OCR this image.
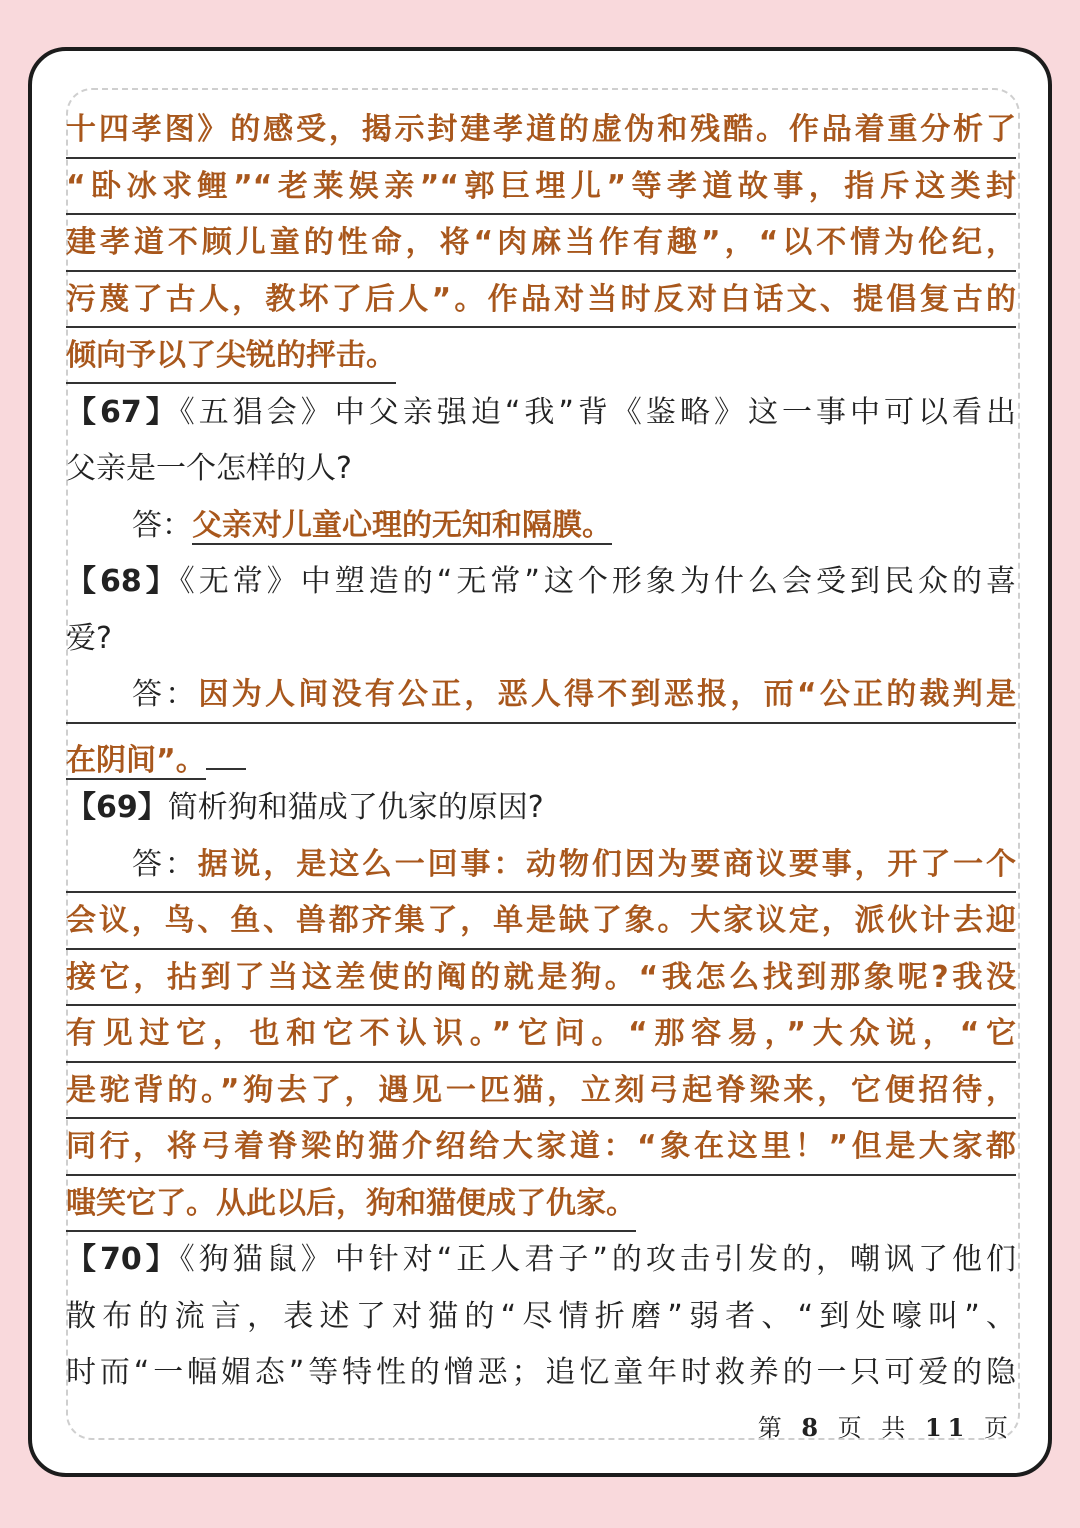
十四孝图》的感受，揭示封建孝道的虚伪和残酷。作品着重分析了
“卧冰求鲤”“老莱娱亲”“郭巨埋儿”等孝道故事，指斥这类封
建孝道不顾儿童的性命，将“肉麻当作有趣”，“以不情为伦纪，
污蔑了古人，教坏了后人”。作品对当时反对白话文、提倡复古的
倾向予以了尖锐的抨击。
【67】《五猖会》中父亲强迫“我”背《鉴略》这一事中可以看出
父亲是一个怎样的人?
答：父亲对儿童心理的无知和隔膜。
【68】《无常》中塑造的“无常”这个形象为什么会受到民众的喜
爱?
答：因为人间没有公正，恶人得不到恶报，而“公正的裁判是
在阴间”。
【69】简析狗和猫成了仇家的原因?
答：据说，是这么一回事：动物们因为要商议要事，开了一个
会议，鸟、鱼、兽都齐集了，单是缺了象。大家议定，派伙计去迎
接它，拈到了当这差使的阄的就是狗。“我怎么找到那象呢?我没
有见过它，也和它不认识。”它问。“那容易，”大众说，“它
是驼背的。”狗去了，遇见一匹猫，立刻弓起脊梁来，它便招待，
同行，将弓着脊梁的猫介绍给大家道：“象在这里！”但是大家都
嗤笑它了。从此以后，狗和猫便成了仇家。
【70】《狗猫鼠》中针对“正人君子”的攻击引发的，嘲讽了他们
散布的流言，表述了对猫的“尽情折磨”弱者、“到处嚎叫”、
时而“一幅媚态”等特性的憎恶；追忆童年时救养的一只可爱的隐
第 8 页 共 11 页
